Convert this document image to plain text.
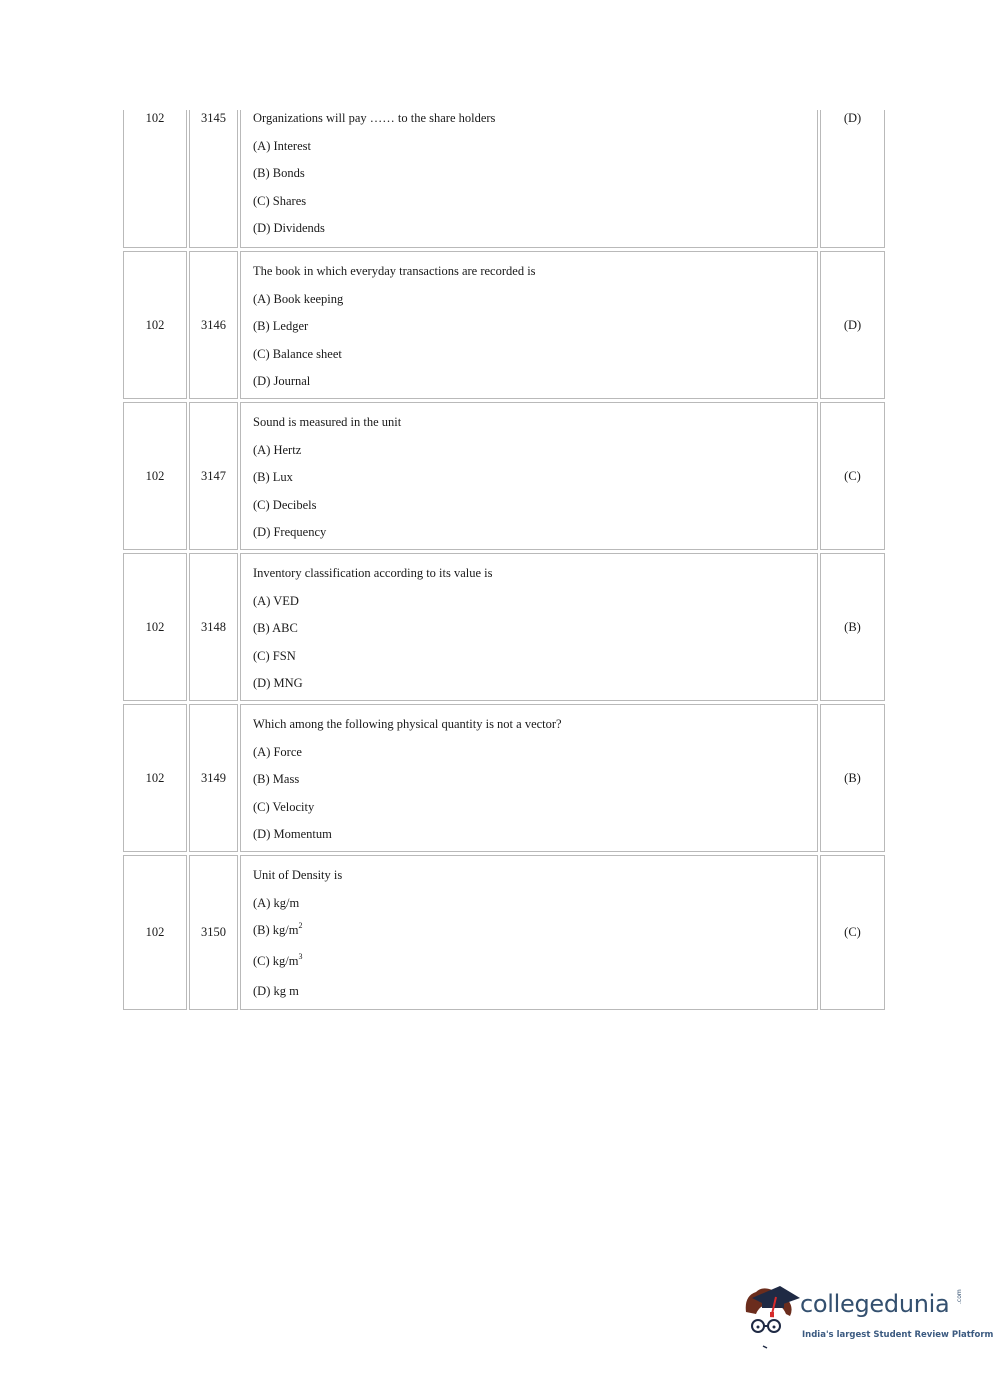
102	3145	Organizations will pay …… to the share holders
(A) Interest
(B) Bonds
(C) Shares
(D) Dividends
(D)
102	3146
The book in which everyday transactions are recorded is
(A) Book keeping
(B) Ledger
(C) Balance sheet
(D) Journal
(D)
102	3147
Sound is measured in the unit
(A) Hertz
(B) Lux
(C) Decibels
(D) Frequency
(C)
102	3148
Inventory classification according to its value is
(A) VED
(B) ABC
(C) FSN
(D) MNG
(B)
102	3149
Which among the following physical quantity is not a vector?
(A) Force
(B) Mass
(C) Velocity
(D) Momentum
(B)
102	3150
Unit of Density is
(A) kg/m
(B) $kg/m^2$
(C) $kg/m^3$
(D) kg m
(C)
collegedunia .com
India's largest Student Review Platform
